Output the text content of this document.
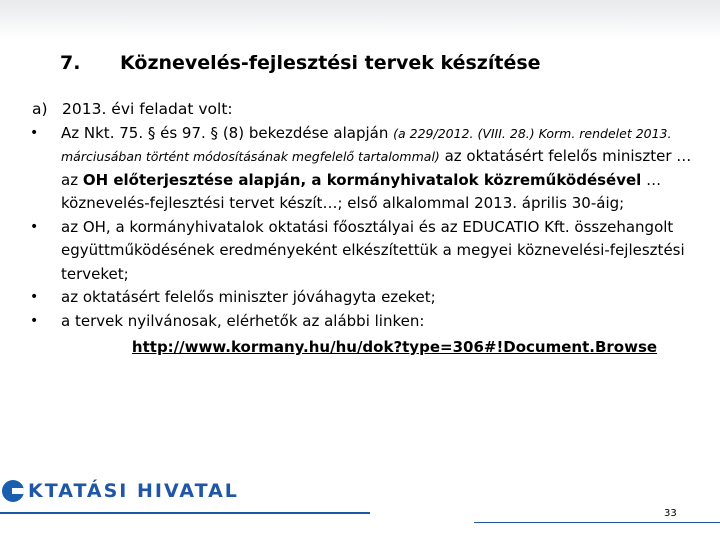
7. Köznevelés-fejlesztési tervek készítése
a) 2013. évi feladat volt:
• Az Nkt. 75. § és 97. § (8) bekezdése alapján (a 229/2012. (VIII. 28.) Korm. rendelet 2013. márciusában történt módosításának megfelelő tartalommal) az oktatásért felelős miniszter … az OH előterjesztése alapján, a kormányhivatalok közreműködésével … köznevelés-fejlesztési tervet készít…; első alkalommal 2013. április 30-áig;
• az OH, a kormányhivatalok oktatási főosztályai és az EDUCATIO Kft. összehangolt együttműködésének eredményeként elkészítettük a megyei köznevelési-fejlesztési terveket;
• az oktatásért felelős miniszter jóváhagyta ezeket;
• a tervek nyilvánosak, elérhetők az alábbi linken:
http://www.kormany.hu/hu/dok?type=306#!Document.Browse
KTATÁSI HIVATAL
33
